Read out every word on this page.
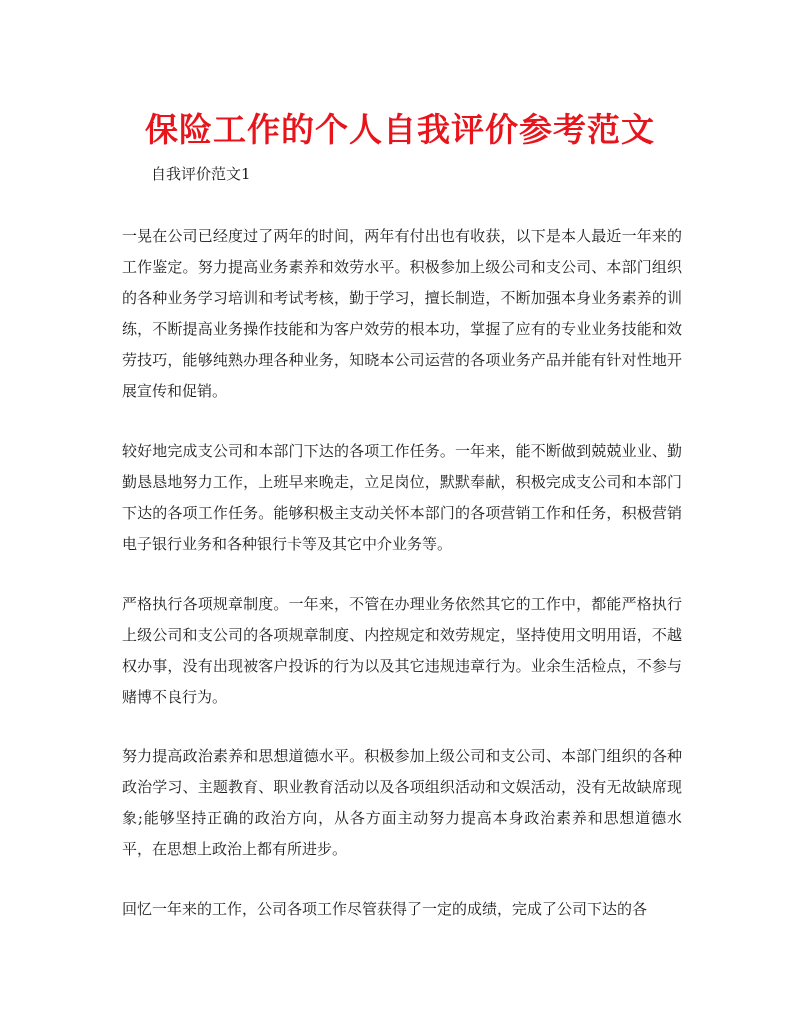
保险工作的个人自我评价参考范文

自我评价范文1

一晃在公司已经度过了两年的时间，两年有付出也有收获，以下是本人最近一年来的工作鉴定。努力提高业务素养和效劳水平。积极参加上级公司和支公司、本部门组织的各种业务学习培训和考试考核，勤于学习，擅长制造，不断加强本身业务素养的训练，不断提高业务操作技能和为客户效劳的根本功，掌握了应有的专业业务技能和效劳技巧，能够纯熟办理各种业务，知晓本公司运营的各项业务产品并能有针对性地开展宣传和促销。

较好地完成支公司和本部门下达的各项工作任务。一年来，能不断做到兢兢业业、勤勤恳恳地努力工作，上班早来晚走，立足岗位，默默奉献，积极完成支公司和本部门下达的各项工作任务。能够积极主支动关怀本部门的各项营销工作和任务，积极营销电子银行业务和各种银行卡等及其它中介业务等。

严格执行各项规章制度。一年来，不管在办理业务依然其它的工作中，都能严格执行上级公司和支公司的各项规章制度、内控规定和效劳规定，坚持使用文明用语，不越权办事，没有出现被客户投诉的行为以及其它违规违章行为。业余生活检点，不参与赌博不良行为。

努力提高政治素养和思想道德水平。积极参加上级公司和支公司、本部门组织的各种政治学习、主题教育、职业教育活动以及各项组织活动和文娱活动，没有无故缺席现象;能够坚持正确的政治方向，从各方面主动努力提高本身政治素养和思想道德水平，在思想上政治上都有所进步。

回忆一年来的工作，公司各项工作尽管获得了一定的成绩，完成了公司下达的各
